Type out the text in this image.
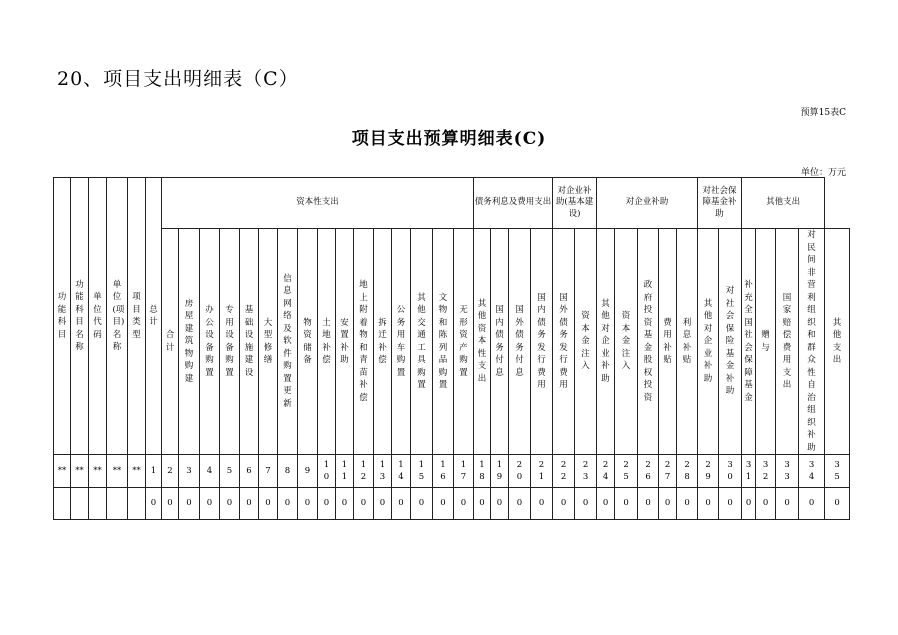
20、项目支出明细表（C）
预算15表C
项目支出预算明细表(C)
单位：万元
功能科目	功能科目名称	单位代码	单位(项目)名称	项目类型	总计	资本性支出																债务利息及费用支出				对企业补助(基本建设)		对企业补助					对社会保障基金补助		其他支出				
						合计	房屋建筑物购建	办公设备购置	专用设备购置	基础设施建设	大型修缮	信息网络及软件购置更新	物资储备	土地补偿	安置补助	地上附着物和青苗补偿	拆迁补偿	公务用车购置	其他交通工具购置	文物和陈列品购置	无形资产购置	其他资本性支出	国内债务付息	国外债务付息	国内债务发行费用	国外债务发行费用	资本金注入	其他对企业补助	资本金注入	政府投资基金股权投资	费用补贴	利息补贴	其他对企业补助	对社会保险基金补助	补充全国社会保障基金	赠与	国家赔偿费用支出	对民间非营利组织和群众性自治组织补助	其他支出
**	**	**	**	**	1	2	3	4	5	6	7	8	9	10	11	12	13	14	15	16	17	18	19	20	21	22	23	24	25	26	27	28	29	30	31	32	33	34	35
					0	0	0	0	0	0	0	0	0	0	0	0	0	0	0	0	0	0	0	0	0	0	0	0	0	0	0	0	0	0	0	0	0	0	0
